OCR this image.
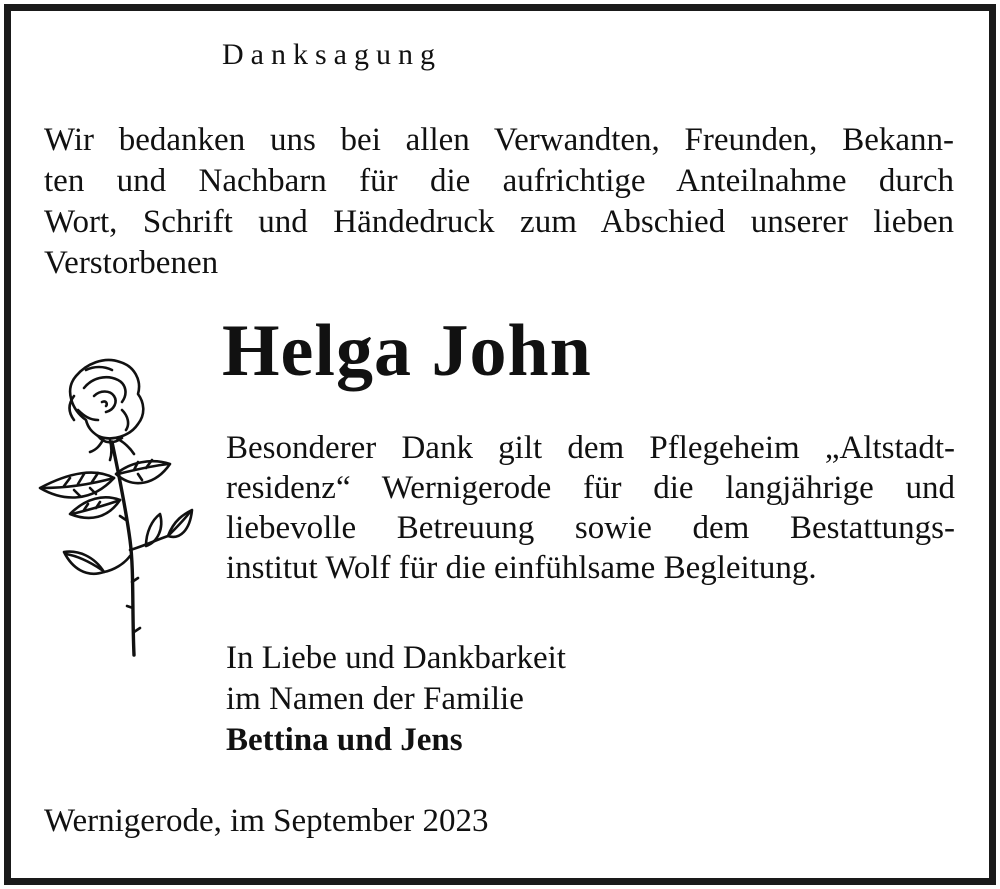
Danksagung
Wir bedanken uns bei allen Verwandten, Freunden, Bekann-
ten und Nachbarn für die aufrichtige Anteilnahme durch
Wort, Schrift und Händedruck zum Abschied unserer lieben
Verstorbenen
Helga John
Besonderer Dank gilt dem Pflegeheim „Altstadt-
residenz“ Wernigerode für die langjährige und
liebevolle Betreuung sowie dem Bestattungs-
institut Wolf für die einfühlsame Begleitung.
In Liebe und Dankbarkeit
im Namen der Familie
Bettina und Jens
Wernigerode, im September 2023
